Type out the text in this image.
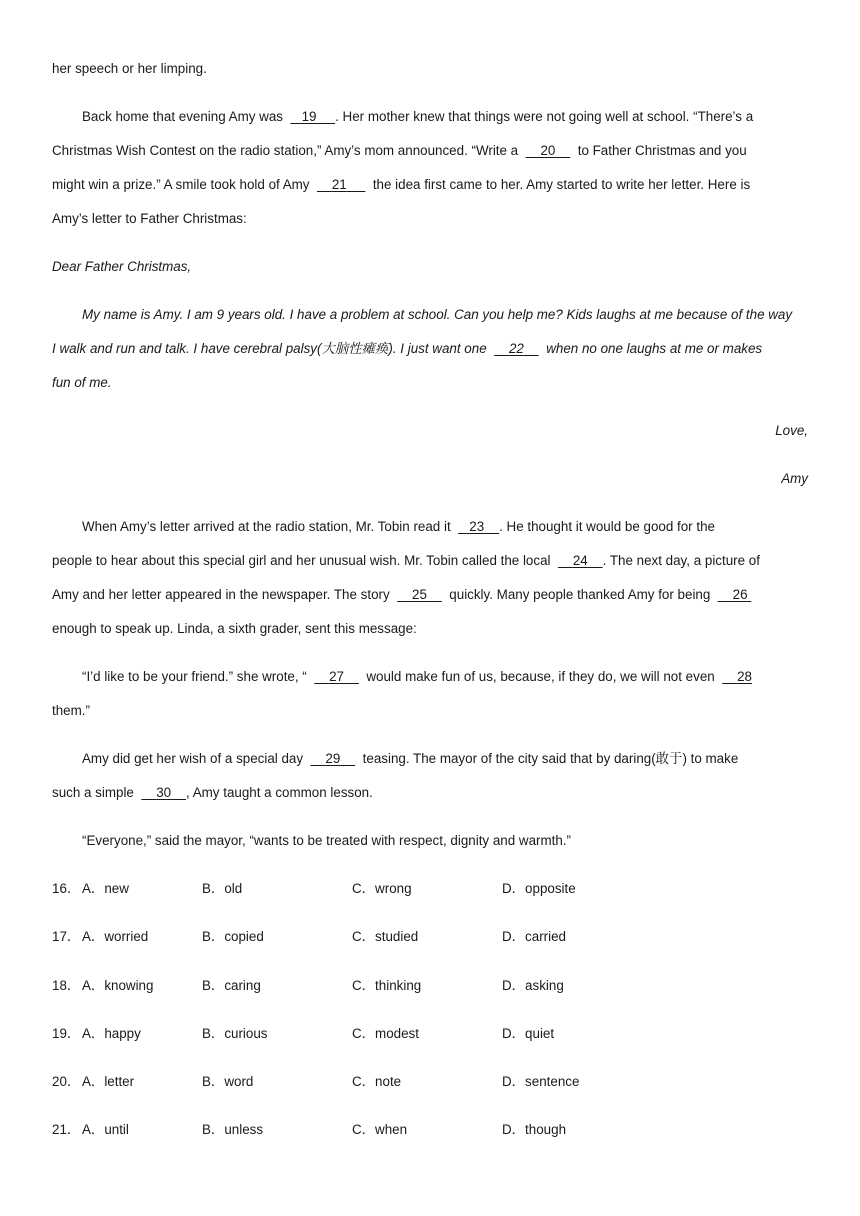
her speech or her limping.
Back home that evening Amy was 19 . Her mother knew that things were not going well at school. “There’s a
Christmas Wish Contest on the radio station,” Amy’s mom announced. “Write a 20 to Father Christmas and you
might win a prize.” A smile took hold of Amy 21 the idea first came to her. Amy started to write her letter. Here is
Amy’s letter to Father Christmas:
Dear Father Christmas,
My name is Amy. I am 9 years old. I have a problem at school. Can you help me? Kids laughs at me because of the way
I walk and run and talk. I have cerebral palsy(大脑性瘫痪). I just want one 22 when no one laughs at me or makes
fun of me.
Love,
Amy
When Amy’s letter arrived at the radio station, Mr. Tobin read it 23 . He thought it would be good for the
people to hear about this special girl and her unusual wish. Mr. Tobin called the local 24 . The next day, a picture of
Amy and her letter appeared in the newspaper. The story 25 quickly. Many people thanked Amy for being 26
enough to speak up. Linda, a sixth grader, sent this message:
“I’d like to be your friend.” she wrote, “ 27 would make fun of us, because, if they do, we will not even 28
them.”
Amy did get her wish of a special day 29 teasing. The mayor of the city said that by daring(敢于) to make
such a simple 30 , Amy taught a common lesson.
“Everyone,” said the mayor, “wants to be treated with respect, dignity and warmth.”
16． A．new	B．old	C．wrong	D．opposite
17． A．worried	B．copied	C．studied	D．carried
18． A．knowing	B．caring	C．thinking	D．asking
19． A．happy	B．curious	C．modest	D．quiet
20． A．letter	B．word	C．note	D．sentence
21． A．until	B．unless	C．when	D．though
